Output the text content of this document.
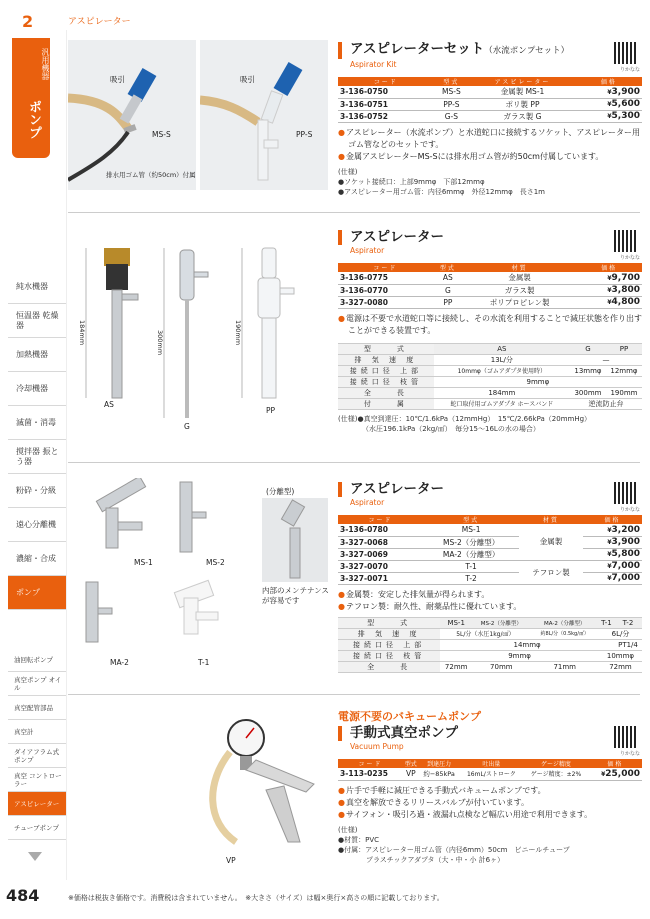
2
汎用機器
ポンプ
アスピレーター
純水機器
恒温器 乾燥器
加熱機器
冷却機器
滅菌・消毒
撹拌器 振とう器
粉砕・分級
遠心分離機
濃縮・合成
ポンプ
油回転ポンプ
真空ポンプ オイル
真空配管部品
真空計
ダイアフラム式 ポンプ
真空 コントローラー
アスピレーター
チューブポンプ
484	※価格は税抜き価格です。消費税は含まれていません。　※大きさ（サイズ）は幅×奥行×高さの順に記載しております。
吸引
MS-S
排水用ゴム管（約50cm）付属
吸引
PP-S
アスピレーターセット（水流ポンプセット）
Aspirator Kit
りかなな
コード	型式	アスピレーター	価格
3-136-0750	MS-S	金属製 MS-1	¥3,900
3-136-0751	PP-S	ポリ製 PP	¥5,600
3-136-0752	G-S	ガラス製 G	¥5,300
● アスピレーター（水流ポンプ）と水道蛇口に接続するソケット、アスピレーター用ゴム管などのセットです。
● 金属アスピレーターMS-Sには排水用ゴム管が約50cm付属しています。
(仕様)
●ソケット接続口：上部9mmφ　下部12mmφ
●アスピレーター用ゴム管：内径6mmφ　外径12mmφ　長さ1m
184mm	300mm	190mm
AS
G
PP
アスピレーター
Aspirator
りかなな
コード	型式	材質	価格
3-136-0775	AS	金属製	¥9,700
3-136-0770	G	ガラス製	¥3,800
3-327-0080	PP	ポリプロピレン製	¥4,800
● 電源は不要で水道蛇口等に接続し、その水流を利用することで減圧状態を作り出すことができる装置です。
型　　式	AS	G	PP
排 気 速 度	13L/分	—	
接続口径 上部	10mmφ（ゴムアダプタ使用時）	13mmφ	12mmφ
接続口径 枝管	9mmφ		
全　　長	184mm	300mm	190mm
付　　属	蛇口取付用ゴムアダプタ ホースバンド	逆流防止弁	
(仕様)●真空到達圧：10℃/1.6kPa（12mmHg）　15℃/2.66kPa（20mmHg）
（水圧196.1kPa（2kg/㎠）　毎分15～16Lの水の場合）
MS-1	MS-2
MA-2	T-1
(分離型)
内部のメンテナンスが容易です
アスピレーター
Aspirator
りかなな
コード	型式	材質	価格
3-136-0780	MS-1	金属製	¥3,200
3-327-0068	MS-2（分離型）		¥3,900
3-327-0069	MA-2（分離型）		¥5,800
3-327-0070	T-1	テフロン製	¥7,000
3-327-0071	T-2		¥7,000
● 金属製：安定した排気量が得られます。
● テフロン製：耐久性、耐薬品性に優れています。
型　　式	MS-1	MS-2（分離型）	MA-2（分離型）	T-1	T-2
排 気 速 度	5L/分（水圧1kg/㎠）		約8L/分（0.5kg/㎠）	6L/分	
接続口径 上部	14mmφ				PT1/4
接続口径 枝管	9mmφ			10mmφ	
全　　長	72mm	70mm	71mm	72mm	
電源不要のバキュームポンプ
VP
手動式真空ポンプ
Vacuum Pump
りかなな
コード	型式	到達圧力	吐出量	ゲージ精度	価格
3-113-0235	VP	約−85kPa	16mL/ストローク	ゲージ精度：±2%	¥25,000
● 片手で手軽に減圧できる手動式バキュームポンプです。
● 真空を解放できるリリースバルブが付いています。
● サイフォン・吸引ろ過・液漏れ点検など幅広い用途で利用できます。
(仕様)
●材質：PVC
●付属：アスピレーター用ゴム管（内径6mm）50cm　ビニールチューブ
　　　　プラスチックアダプタ（大・中・小 計6ヶ）
